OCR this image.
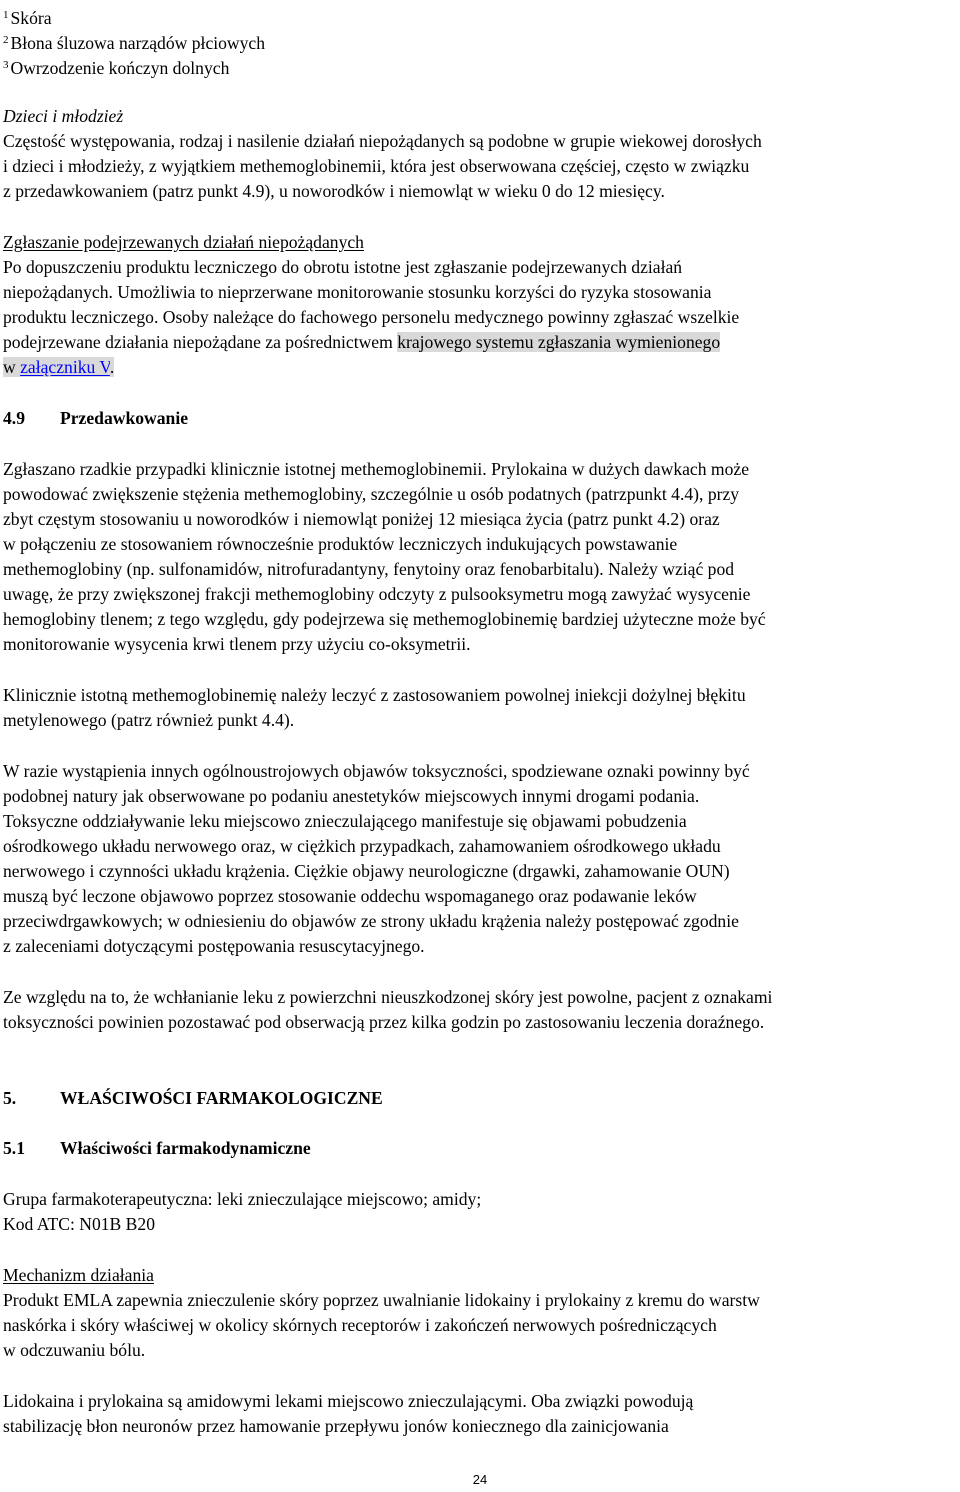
$^1$ Skóra
$^2$ Błona śluzowa narządów płciowych
$^3$ Owrzodzenie kończyn dolnych
Dzieci i młodzież
Częstość występowania, rodzaj i nasilenie działań niepożądanych są podobne w grupie wiekowej dorosłych
i dzieci i młodzieży, z wyjątkiem methemoglobinemii, która jest obserwowana częściej, często w związku
z przedawkowaniem (patrz punkt 4.9), u noworodków i niemowląt w wieku 0 do 12 miesięcy.
Zgłaszanie podejrzewanych działań niepożądanych
Po dopuszczeniu produktu leczniczego do obrotu istotne jest zgłaszanie podejrzewanych działań
niepożądanych. Umożliwia to nieprzerwane monitorowanie stosunku korzyści do ryzyka stosowania
produktu leczniczego. Osoby należące do fachowego personelu medycznego powinny zgłaszać wszelkie
podejrzewane działania niepożądane za pośrednictwem krajowego systemu zgłaszania wymienionego
w załączniku V.
4.9 Przedawkowanie
Zgłaszano rzadkie przypadki klinicznie istotnej methemoglobinemii. Prylokaina w dużych dawkach może
powodować zwiększenie stężenia methemoglobiny, szczególnie u osób podatnych (patrzpunkt 4.4), przy
zbyt częstym stosowaniu u noworodków i niemowląt poniżej 12 miesiąca życia (patrz punkt 4.2) oraz
w połączeniu ze stosowaniem równocześnie produktów leczniczych indukujących powstawanie
methemoglobiny (np. sulfonamidów, nitrofuradantyny, fenytoiny oraz fenobarbitalu). Należy wziąć pod
uwagę, że przy zwiększonej frakcji methemoglobiny odczyty z pulsooksymetru mogą zawyżać wysycenie
hemoglobiny tlenem; z tego względu, gdy podejrzewa się methemoglobinemię bardziej użyteczne może być
monitorowanie wysycenia krwi tlenem przy użyciu co-oksymetrii.
Klinicznie istotną methemoglobinemię należy leczyć z zastosowaniem powolnej iniekcji dożylnej błękitu
metylenowego (patrz również punkt 4.4).
W razie wystąpienia innych ogólnoustrojowych objawów toksyczności, spodziewane oznaki powinny być
podobnej natury jak obserwowane po podaniu anestetyków miejscowych innymi drogami podania.
Toksyczne oddziaływanie leku miejscowo znieczulającego manifestuje się objawami pobudzenia
ośrodkowego układu nerwowego oraz, w ciężkich przypadkach, zahamowaniem ośrodkowego układu
nerwowego i czynności układu krążenia. Ciężkie objawy neurologiczne (drgawki, zahamowanie OUN)
muszą być leczone objawowo poprzez stosowanie oddechu wspomaganego oraz podawanie leków
przeciwdrgawkowych; w odniesieniu do objawów ze strony układu krążenia należy postępować zgodnie
z zaleceniami dotyczącymi postępowania resuscytacyjnego.
Ze względu na to, że wchłanianie leku z powierzchni nieuszkodzonej skóry jest powolne, pacjent z oznakami
toksyczności powinien pozostawać pod obserwacją przez kilka godzin po zastosowaniu leczenia doraźnego.
5. WŁAŚCIWOŚCI FARMAKOLOGICZNE
5.1 Właściwości farmakodynamiczne
Grupa farmakoterapeutyczna: leki znieczulające miejscowo; amidy;
Kod ATC: N01B B20
Mechanizm działania
Produkt EMLA zapewnia znieczulenie skóry poprzez uwalnianie lidokainy i prylokainy z kremu do warstw
naskórka i skóry właściwej w okolicy skórnych receptorów i zakończeń nerwowych pośredniczących
w odczuwaniu bólu.
Lidokaina i prylokaina są amidowymi lekami miejscowo znieczulającymi. Oba związki powodują
stabilizację błon neuronów przez hamowanie przepływu jonów koniecznego dla zainicjowania
24
